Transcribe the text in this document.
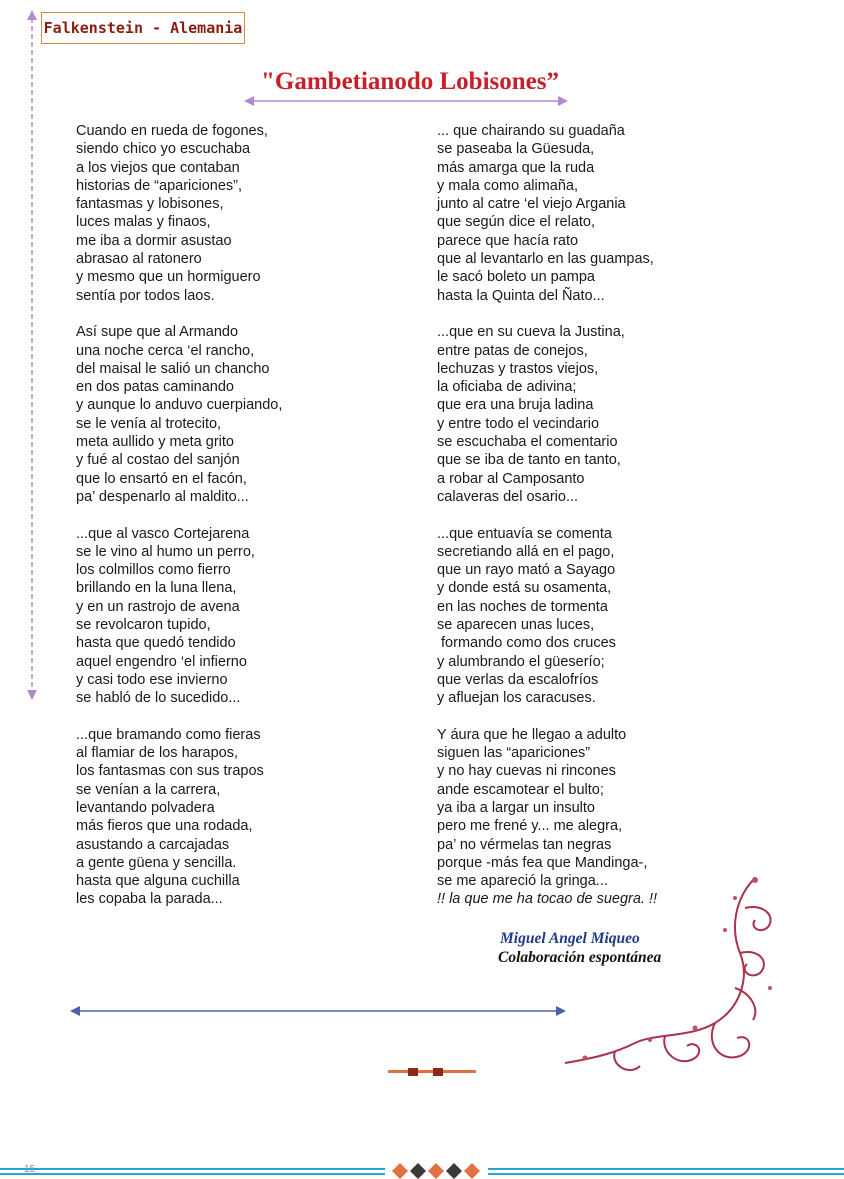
Falkenstein - Alemania
"Gambetianodo Lobisones”
Cuando en rueda de fogones,
siendo chico yo escuchaba
a los viejos que contaban
historias de “apariciones”,
fantasmas y lobisones,
luces malas y finaos,
me iba a dormir asustao
abrasao al ratonero
y mesmo que un hormiguero
sentía por todos laos.
Así supe que al Armando
una noche cerca ‘el rancho,
del maisal le salió un chancho
en dos patas caminando
y aunque lo anduvo cuerpiando,
se le venía al trotecito,
meta aullido y meta grito
y fué al costao del sanjón
que lo ensartó en el facón,
pa’ despenarlo al maldito...
...que al vasco Cortejarena
se le vino al humo un perro,
los colmillos como fierro
brillando en la luna llena,
y en un rastrojo de avena
se revolcaron tupido,
hasta que quedó tendido
aquel engendro ‘el infierno
y casi todo ese invierno
se habló de lo sucedido...
...que bramando como fieras
al flamiar de los harapos,
los fantasmas con sus trapos
se venían a la carrera,
levantando polvadera
más fieros que una rodada,
asustando a carcajadas
a gente güena y sencilla.
hasta que alguna cuchilla
les copaba la parada...
... que chairando su guadaña
se paseaba la Güesuda,
más amarga que la ruda
y mala como alimaña,
junto al catre ‘el viejo Argania
que según dice el relato,
parece que hacía rato
que al levantarlo en las guampas,
le sacó boleto un pampa
hasta la Quinta del Ñato...
...que en su cueva la Justina,
entre patas de conejos,
lechuzas y trastos viejos,
la oficiaba de adivina;
que era una bruja ladina
y entre todo el vecindario
se escuchaba el comentario
que se iba de tanto en tanto,
a robar al Camposanto
calaveras del osario...
...que entuavía se comenta
secretiando allá en el pago,
que un rayo mató a Sayago
y donde está su osamenta,
en las noches de tormenta
se aparecen unas luces,
formando como dos cruces
y alumbrando el güeserío;
que verlas da escalofríos
y afluejan los caracuses.
Y áura que he llegao a adulto
siguen las “apariciones”
y no hay cuevas ni rincones
ande escamotear el bulto;
ya iba a largar un insulto
pero me frené y... me alegra,
pa’ no vérmelas tan negras
porque -más fea que Mandinga-,
se me apareció la gringa...
!! la que me ha tocao de suegra. !!
Miguel Angel Miqueo
Colaboración espontánea
15
